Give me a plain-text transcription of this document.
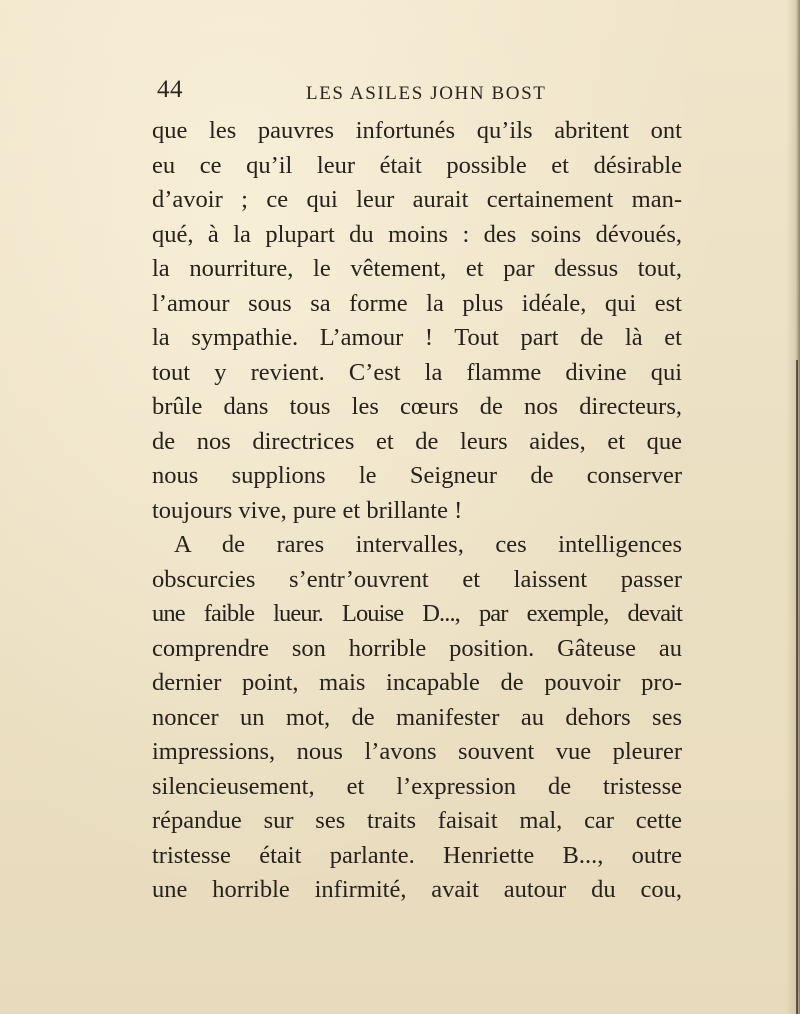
44	LES ASILES JOHN BOST
que les pauvres infortunés qu’ils abritent ont
eu ce qu’il leur était possible et désirable
d’avoir ; ce qui leur aurait certainement man-
qué, à la plupart du moins : des soins dévoués,
la nourriture, le vêtement, et par dessus tout,
l’amour sous sa forme la plus idéale, qui est
la sympathie. L’amour ! Tout part de là et
tout y revient. C’est la flamme divine qui
brûle dans tous les cœurs de nos directeurs,
de nos directrices et de leurs aides, et que
nous supplions le Seigneur de conserver
toujours vive, pure et brillante !
A de rares intervalles, ces intelligences
obscurcies s’entr’ouvrent et laissent passer
une faible lueur. Louise D..., par exemple, devait
comprendre son horrible position. Gâteuse au
dernier point, mais incapable de pouvoir pro-
noncer un mot, de manifester au dehors ses
impressions, nous l’avons souvent vue pleurer
silencieusement, et l’expression de tristesse
répandue sur ses traits faisait mal, car cette
tristesse était parlante. Henriette B..., outre
une horrible infirmité, avait autour du cou,
